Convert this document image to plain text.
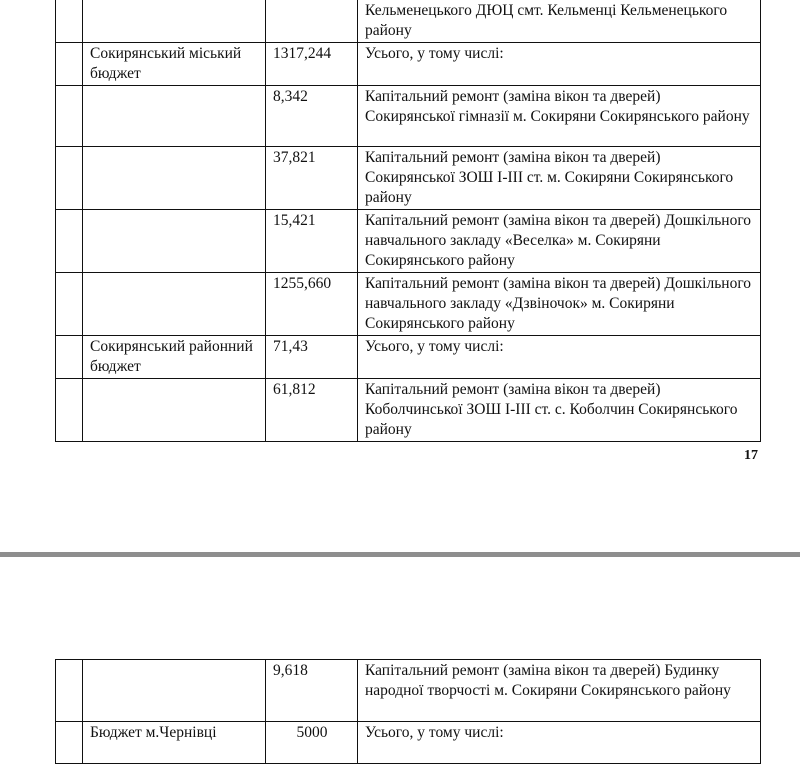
			Кельменецького ДЮЦ смт. Кельменці Кельменецького району
	Сокирянський міський бюджет	1317,244	Усього, у тому числі:
		8,342	Капітальний ремонт (заміна вікон та дверей) Сокирянської гімназії м. Сокиряни Сокирянського району
		37,821	Капітальний ремонт (заміна вікон та дверей) Сокирянської ЗОШ І-ІІІ ст. м. Сокиряни Сокирянського району
		15,421	Капітальний ремонт (заміна вікон та дверей) Дошкільного навчального закладу «Веселка» м. Сокиряни Сокирянського району
		1255,660	Капітальний ремонт (заміна вікон та дверей) Дошкільного навчального закладу «Дзвіночок» м. Сокиряни Сокирянського району
	Сокирянський районний бюджет	71,43	Усього, у тому числі:
		61,812	Капітальний ремонт (заміна вікон та дверей) Коболчинської ЗОШ І-ІІІ ст. с. Коболчин Сокирянського району
17
		9,618	Капітальний ремонт (заміна вікон та дверей) Будинку народної творчості м. Сокиряни Сокирянського району
	Бюджет м.Чернівці	5000	Усього, у тому числі:
